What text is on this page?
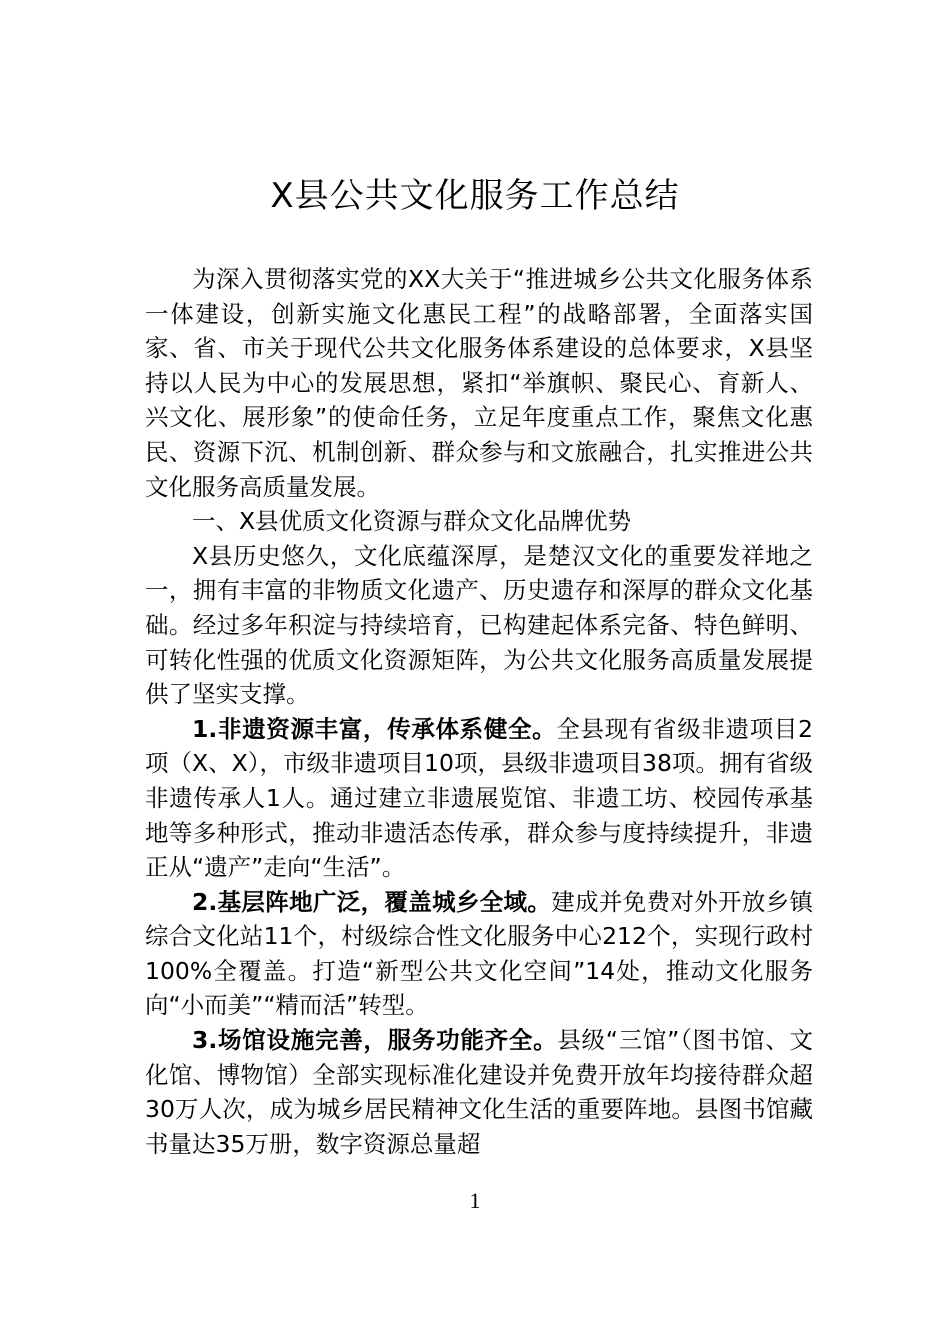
X县公共文化服务工作总结

为深入贯彻落实党的XX大关于“推进城乡公共文化服务体系一体建设，创新实施文化惠民工程”的战略部署，全面落实国家、省、市关于现代公共文化服务体系建设的总体要求，X县坚持以人民为中心的发展思想，紧扣“举旗帜、聚民心、育新人、兴文化、展形象”的使命任务，立足年度重点工作，聚焦文化惠民、资源下沉、机制创新、群众参与和文旅融合，扎实推进公共文化服务高质量发展。

一、X县优质文化资源与群众文化品牌优势

X县历史悠久，文化底蕴深厚，是楚汉文化的重要发祥地之一，拥有丰富的非物质文化遗产、历史遗存和深厚的群众文化基础。经过多年积淀与持续培育，已构建起体系完备、特色鲜明、可转化性强的优质文化资源矩阵，为公共文化服务高质量发展提供了坚实支撑。

1.非遗资源丰富，传承体系健全。全县现有省级非遗项目2项（X、X），市级非遗项目10项，县级非遗项目38项。拥有省级非遗传承人1人。通过建立非遗展览馆、非遗工坊、校园传承基地等多种形式，推动非遗活态传承，群众参与度持续提升，非遗正从“遗产”走向“生活”。

2.基层阵地广泛，覆盖城乡全域。建成并免费对外开放乡镇综合文化站11个，村级综合性文化服务中心212个，实现行政村100%全覆盖。打造“新型公共文化空间”14处，推动文化服务向“小而美”“精而活”转型。

3.场馆设施完善，服务功能齐全。县级“三馆”（图书馆、文化馆、博物馆）全部实现标准化建设并免费开放年均接待群众超30万人次，成为城乡居民精神文化生活的重要阵地。县图书馆藏书量达35万册，数字资源总量超

1
